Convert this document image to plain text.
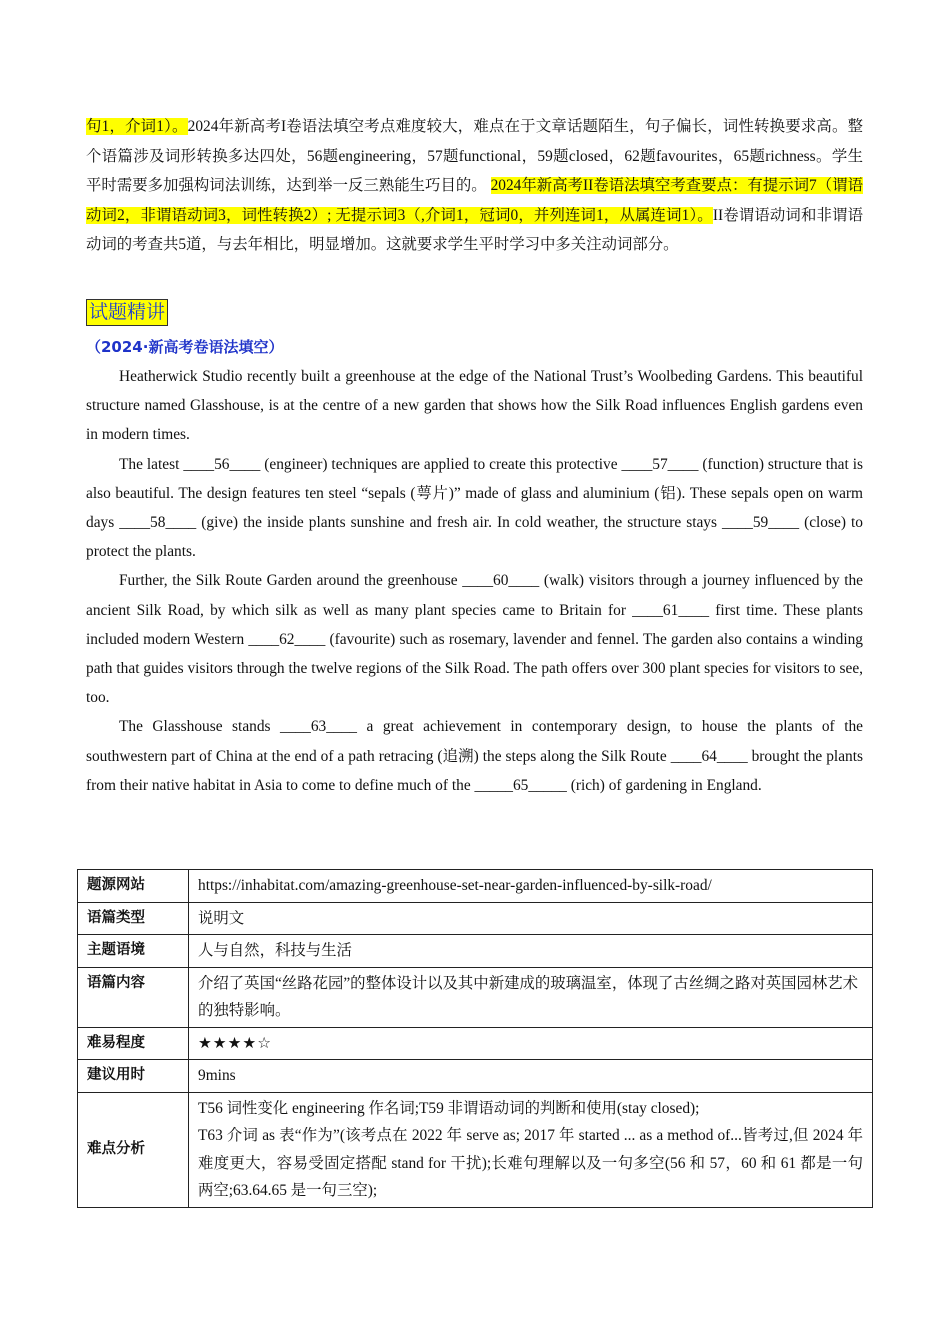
句1，介词1）。2024年新高考I卷语法填空考点难度较大，难点在于文章话题陌生，句子偏长，词性转换要求高。整个语篇涉及词形转换多达四处，56题engineering，57题functional，59题closed，62题favourites，65题richness。学生平时需要多加强构词法训练，达到举一反三熟能生巧目的。 2024年新高考II卷语法填空考查要点：有提示词7（谓语动词2，非谓语动词3，词性转换2）; 无提示词3（,介词1，冠词0，并列连词1，从属连词1）。II卷谓语动词和非谓语动词的考查共5道，与去年相比，明显增加。这就要求学生平时学习中多关注动词部分。

试题精讲
（2024·新高考卷语法填空）

Heatherwick Studio recently built a greenhouse at the edge of the National Trust’s Woolbeding Gardens. This beautiful structure named Glasshouse, is at the centre of a new garden that shows how the Silk Road influences English gardens even in modern times.

The latest ____56____ (engineer) techniques are applied to create this protective ____57____ (function) structure that is also beautiful. The design features ten steel “sepals (萼片)” made of glass and aluminium (铝). These sepals open on warm days ____58____ (give) the inside plants sunshine and fresh air. In cold weather, the structure stays ____59____ (close) to protect the plants.

Further, the Silk Route Garden around the greenhouse ____60____ (walk) visitors through a journey influenced by the ancient Silk Road, by which silk as well as many plant species came to Britain for ____61____ first time. These plants included modern Western ____62____ (favourite) such as rosemary, lavender and fennel. The garden also contains a winding path that guides visitors through the twelve regions of the Silk Road. The path offers over 300 plant species for visitors to see, too.

The Glasshouse stands ____63____ a great achievement in contemporary design, to house the plants of the southwestern part of China at the end of a path retracing (追溯) the steps along the Silk Route ____64____ brought the plants from their native habitat in Asia to come to define much of the _____65_____ (rich) of gardening in England.

题源网站	https://inhabitat.com/amazing-greenhouse-set-near-garden-influenced-by-silk-road/
语篇类型	说明文
主题语境	人与自然，科技与生活
语篇内容	介绍了英国“丝路花园”的整体设计以及其中新建成的玻璃温室，体现了古丝绸之路对英国园林艺术的独特影响。
难易程度	★★★★☆
建议用时	9mins
难点分析	T56 词性变化 engineering 作名词;T59 非谓语动词的判断和使用(stay closed);
T63 介词 as 表“作为”(该考点在 2022 年 serve as; 2017 年 started ... as a method of...皆考过,但 2024 年难度更大，容易受固定搭配 stand for 干扰);长难句理解以及一句多空(56 和 57，60 和 61 都是一句两空;63.64.65 是一句三空);
